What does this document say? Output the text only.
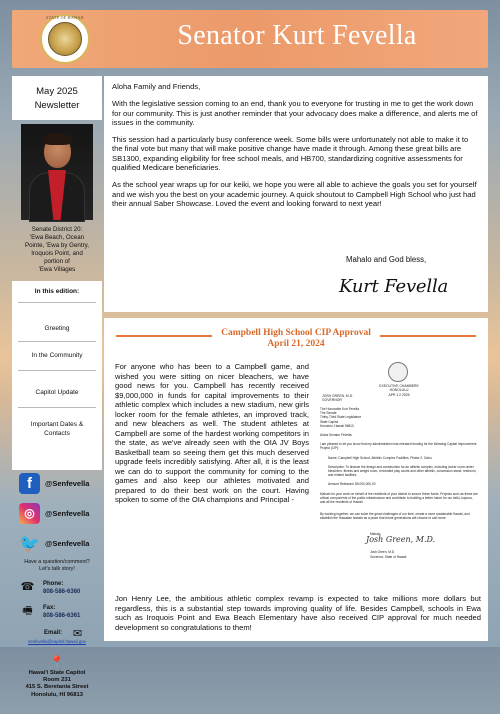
STATE OF HAWAII
Senator Kurt Fevella
May 2025
Newsletter
Senate District 20:
'Ewa Beach, Ocean
Pointe, 'Ewa by Gentry,
Iroquois Point, and
portion of
'Ewa Villages
In this edition:
Greeting
In the Community
Capitol Update
Important Dates &
Contacts
f	@Senfevella
◎	@Senfevella
🐦 @Senfevella
Have a question/comment?
Let's talk story!
☎ Phone:
808-586-6360
🖷	Fax:
808-586-6361
✉
Email:
senfevella@capitol.hawaii.gov
📍
Hawai'i State Capitol
Room 231
415 S. Beretania Street
Honolulu, HI 96813

Aloha Family and Friends,

With the legislative session coming to an end, thank you to everyone for trusting in me to get the work down for our community. This is just another reminder that your advocacy does make a difference, and alerts me of issues in the community.

This session had a particularly busy conference week. Some bills were unfortunately not able to make it to the final vote but many that will make positive change have made it through. Among these great bills are SB1300, expanding eligibility for free school meals, and HB700, standardizing cognitive assessments for qualified Medicare beneficiaries.

As the school year wraps up for our keiki, we hope you were all able to achieve the goals you set for yourself and we wish you the best on your academic journey. A quick shoutout to Campbell High School who just had their annual Saber Showcase. Loved the event and looking forward to next year!

Mahalo and God bless,
Kurt Fevella
Campbell High School CIP Approval
April 21, 2024
For anyone who has been to a Campbell game, and wished you were sitting on nicer bleachers, we have good news for you. Campbell has recently received $9,000,000 in funds for capital improvements to their athletic complex which includes a new stadium, new girls locker room for the female athletes, an improved track, and new bleachers as well. The student athletes at Campbell are some of the hardest working competitors in the state, as we've already seen with the OIA JV Boys Basketball team so seeing them get this much deserved upgrade feels incredibly satisfying. After all, it is the least we can do to support the community for coming to the games and also keep our athletes motivated and prepared to do their best work on the court. Having spoken to some of the OIA champions and Principal -
EXECUTIVE CHAMBERS
HONOLULU
JOSH GREEN, M.D.
GOVERNOR
APR 1 2 2025
The Honorable Kurt Fevella
The Senate
Thirty-Third State Legislature
State Capitol
Honolulu, Hawaii 96813
Aloha Senator Fevella:
I am pleased to let you know that my administration has released funding for the following Capital Improvement Project (CIP):
Name: Campbell High School, Athletic Complex Facilities, Phase 2, Oahu
Description: To finance the design and construction for an athletic complex, including locker room under bleachers, fitness and weight room, renovated play courts and other athletic, concession stand, restroom, and related facilities.
Amount Released: $9,000,000.00
Mahalo for your work on behalf of the residents of your district to secure these funds. Projects such as these are critical components of the public infrastructure and contribute to building a better future for our keiki, kupuna, and all the residents of Hawaii.
By working together, we can solve the great challenges of our time, create a more sustainable Hawaii, and establish the Hawaiian Islands as a place that future generations will choose to call home.
Mahalo,
Josh Green, M.D.
Josh Green, M.D.
Governor, State of Hawaii
Jon Henry Lee, the ambitious athletic complex revamp is expected to take millions more dollars but regardless, this is a substantial step towards improving quality of life. Besides Campbell, schools in Ewa such as Iroquois Point and Ewa Beach Elementary have also received CIP approval for much needed development so congratulations to them!
